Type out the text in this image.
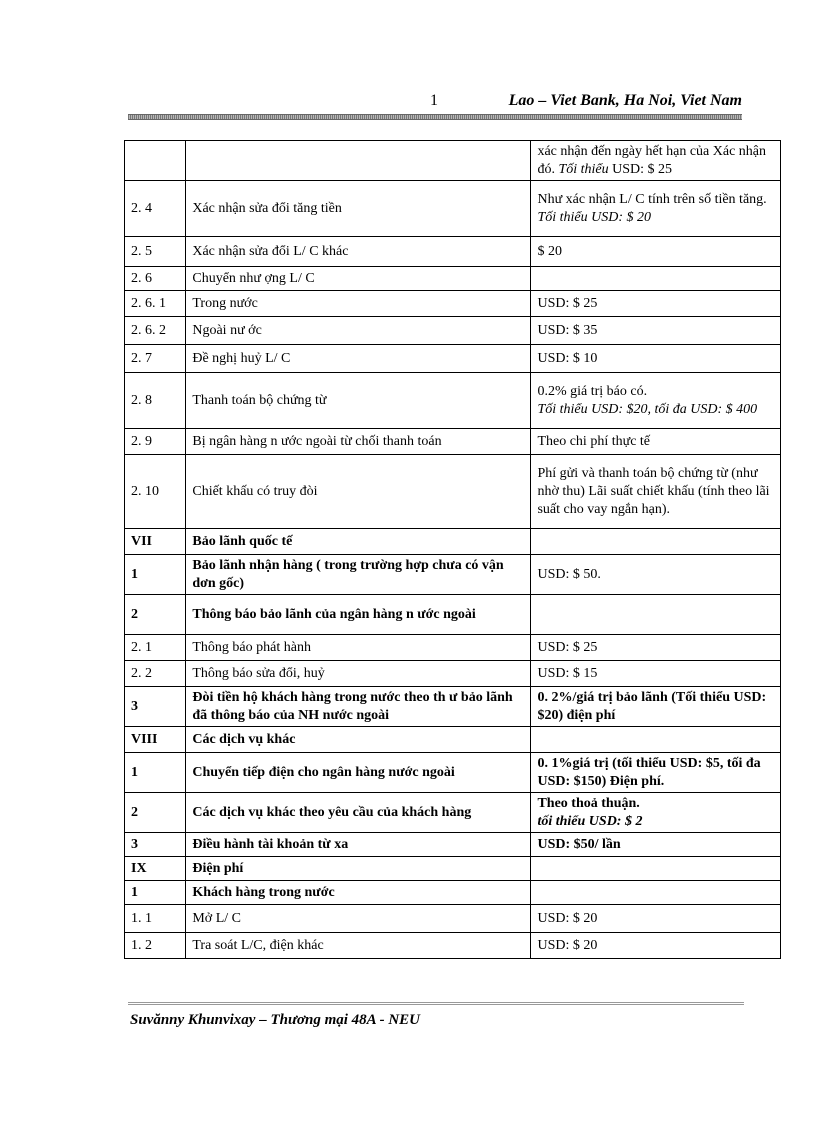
1	Lao – Viet Bank, Ha Noi, Viet Nam
		xác nhận đến ngày hết hạn của Xác nhận đó. Tối thiểu USD: $ 25
2. 4	Xác nhận sửa đổi tăng tiền	Như xác nhận L/ C tính trên số tiền tăng.
Tối thiểu USD: $ 20

2. 5	Xác nhận sửa đổi L/ C khác	$ 20
2. 6	Chuyển như ợng L/ C	
2. 6. 1	Trong nước	USD: $ 25
2. 6. 2	Ngoài nư ớc	USD: $ 35
2. 7	Đề nghị huỷ L/ C	USD: $ 10
2. 8	Thanh toán bộ chứng từ	0.2% giá trị báo có.
Tối thiểu USD: $20, tối đa USD: $ 400

2. 9	Bị ngân hàng n ước ngoài từ chối thanh toán	Theo chi phí thực tế
2. 10	Chiết khấu có truy đòi	Phí gửi và thanh toán bộ chứng từ (như nhờ thu) Lãi suất chiết khấu (tính theo lãi suất cho vay ngắn hạn).
VII	Bảo lãnh quốc tế	
1	Bảo lãnh nhận hàng ( trong trường hợp chưa có vận dơn gốc)	USD: $ 50.
2	Thông báo bảo lãnh của ngân hàng n ước ngoài	
2. 1	Thông báo phát hành	USD: $ 25
2. 2	Thông báo sửa đổi, huỷ	USD: $ 15
3	Đòi tiền hộ khách hàng trong nước theo th ư bảo lãnh đã thông báo của NH nước ngoài	0. 2%/giá trị bảo lãnh (Tối thiểu USD: $20) điện phí
VIII	Các dịch vụ khác	
1	Chuyển tiếp điện cho ngân hàng nước ngoài	0. 1%giá trị (tối thiểu USD: $5, tối đa USD: $150) Điện phí.
2	Các dịch vụ khác theo yêu cầu của khách hàng	Theo thoả thuận.
tối thiểu USD: $ 2

3	Điều hành tài khoản từ xa	USD: $50/ lần
IX	Điện phí	
1	Khách hàng trong nước	
1. 1	Mở L/ C	USD: $ 20
1. 2	Tra soát L/C, điện khác	USD: $ 20
Suvănny Khunvixay – Thương mại 48A - NEU
